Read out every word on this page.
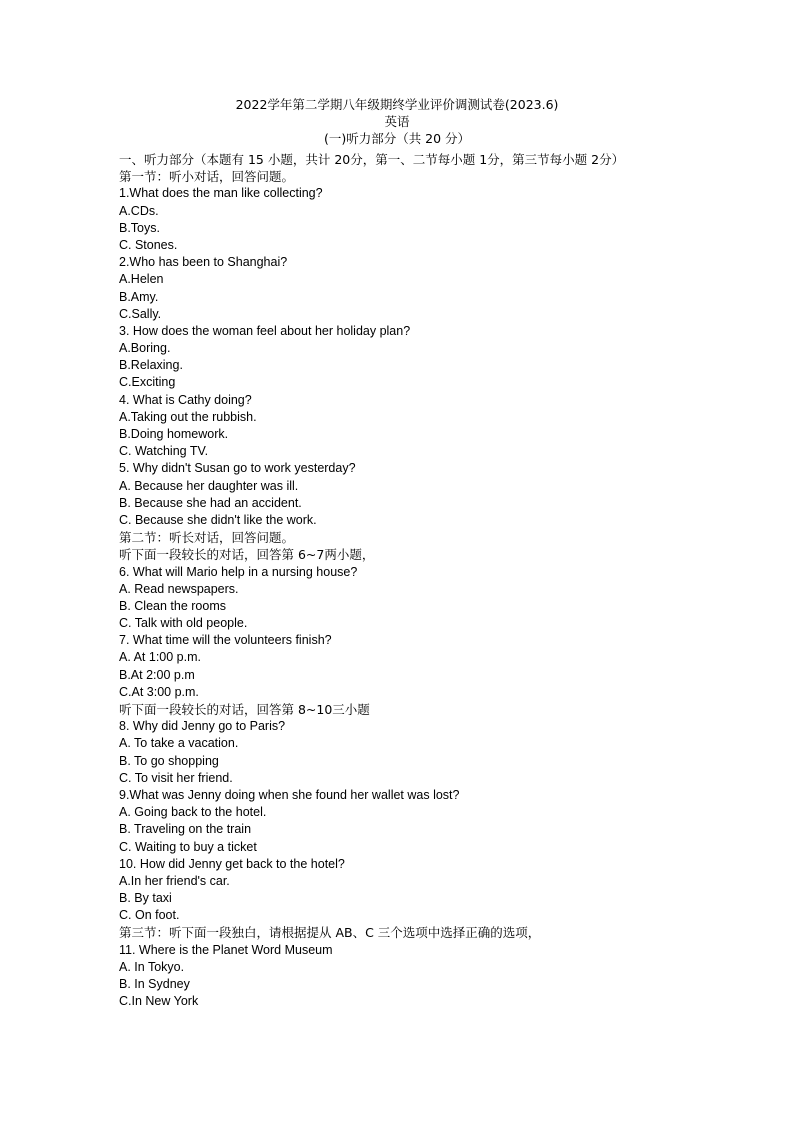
2022学年第二学期八年级期终学业评价调测试卷(2023.6)
英语
(一)听力部分（共 20 分）
一、听力部分（本题有 15 小题，共计 20分，第一、二节每小题 1分，第三节每小题 2分）
第一节：听小对话，回答问题。
1.What does the man like collecting?
A.CDs.
B.Toys.
C. Stones.
2.Who has been to Shanghai?
A.Helen
B.Amy.
C.Sally.
3. How does the woman feel about her holiday plan?
A.Boring.
B.Relaxing.
C.Exciting
4. What is Cathy doing?
A.Taking out the rubbish.
B.Doing homework.
C. Watching TV.
5. Why didn't Susan go to work yesterday?
A. Because her daughter was ill.
B. Because she had an accident.
C. Because she didn't like the work.
第二节：听长对话，回答问题。
听下面一段较长的对话，回答第 6~7两小题，
6. What will Mario help in a nursing house?
A. Read newspapers.
B. Clean the rooms
C. Talk with old people.
7. What time will the volunteers finish?
A. At 1:00 p.m.
B.At 2:00 p.m
C.At 3:00 p.m.
听下面一段较长的对话，回答第 8~10三小题
8. Why did Jenny go to Paris?
A. To take a vacation.
B. To go shopping
C. To visit her friend.
9.What was Jenny doing when she found her wallet was lost?
A. Going back to the hotel.
B. Traveling on the train
C. Waiting to buy a ticket
10. How did Jenny get back to the hotel?
A.In her friend's car.
B. By taxi
C. On foot.
第三节：听下面一段独白，请根据提从 AB、C 三个选项中选择正确的选项，
11. Where is the Planet Word Museum
A. In Tokyo.
B. In Sydney
C.In New York
